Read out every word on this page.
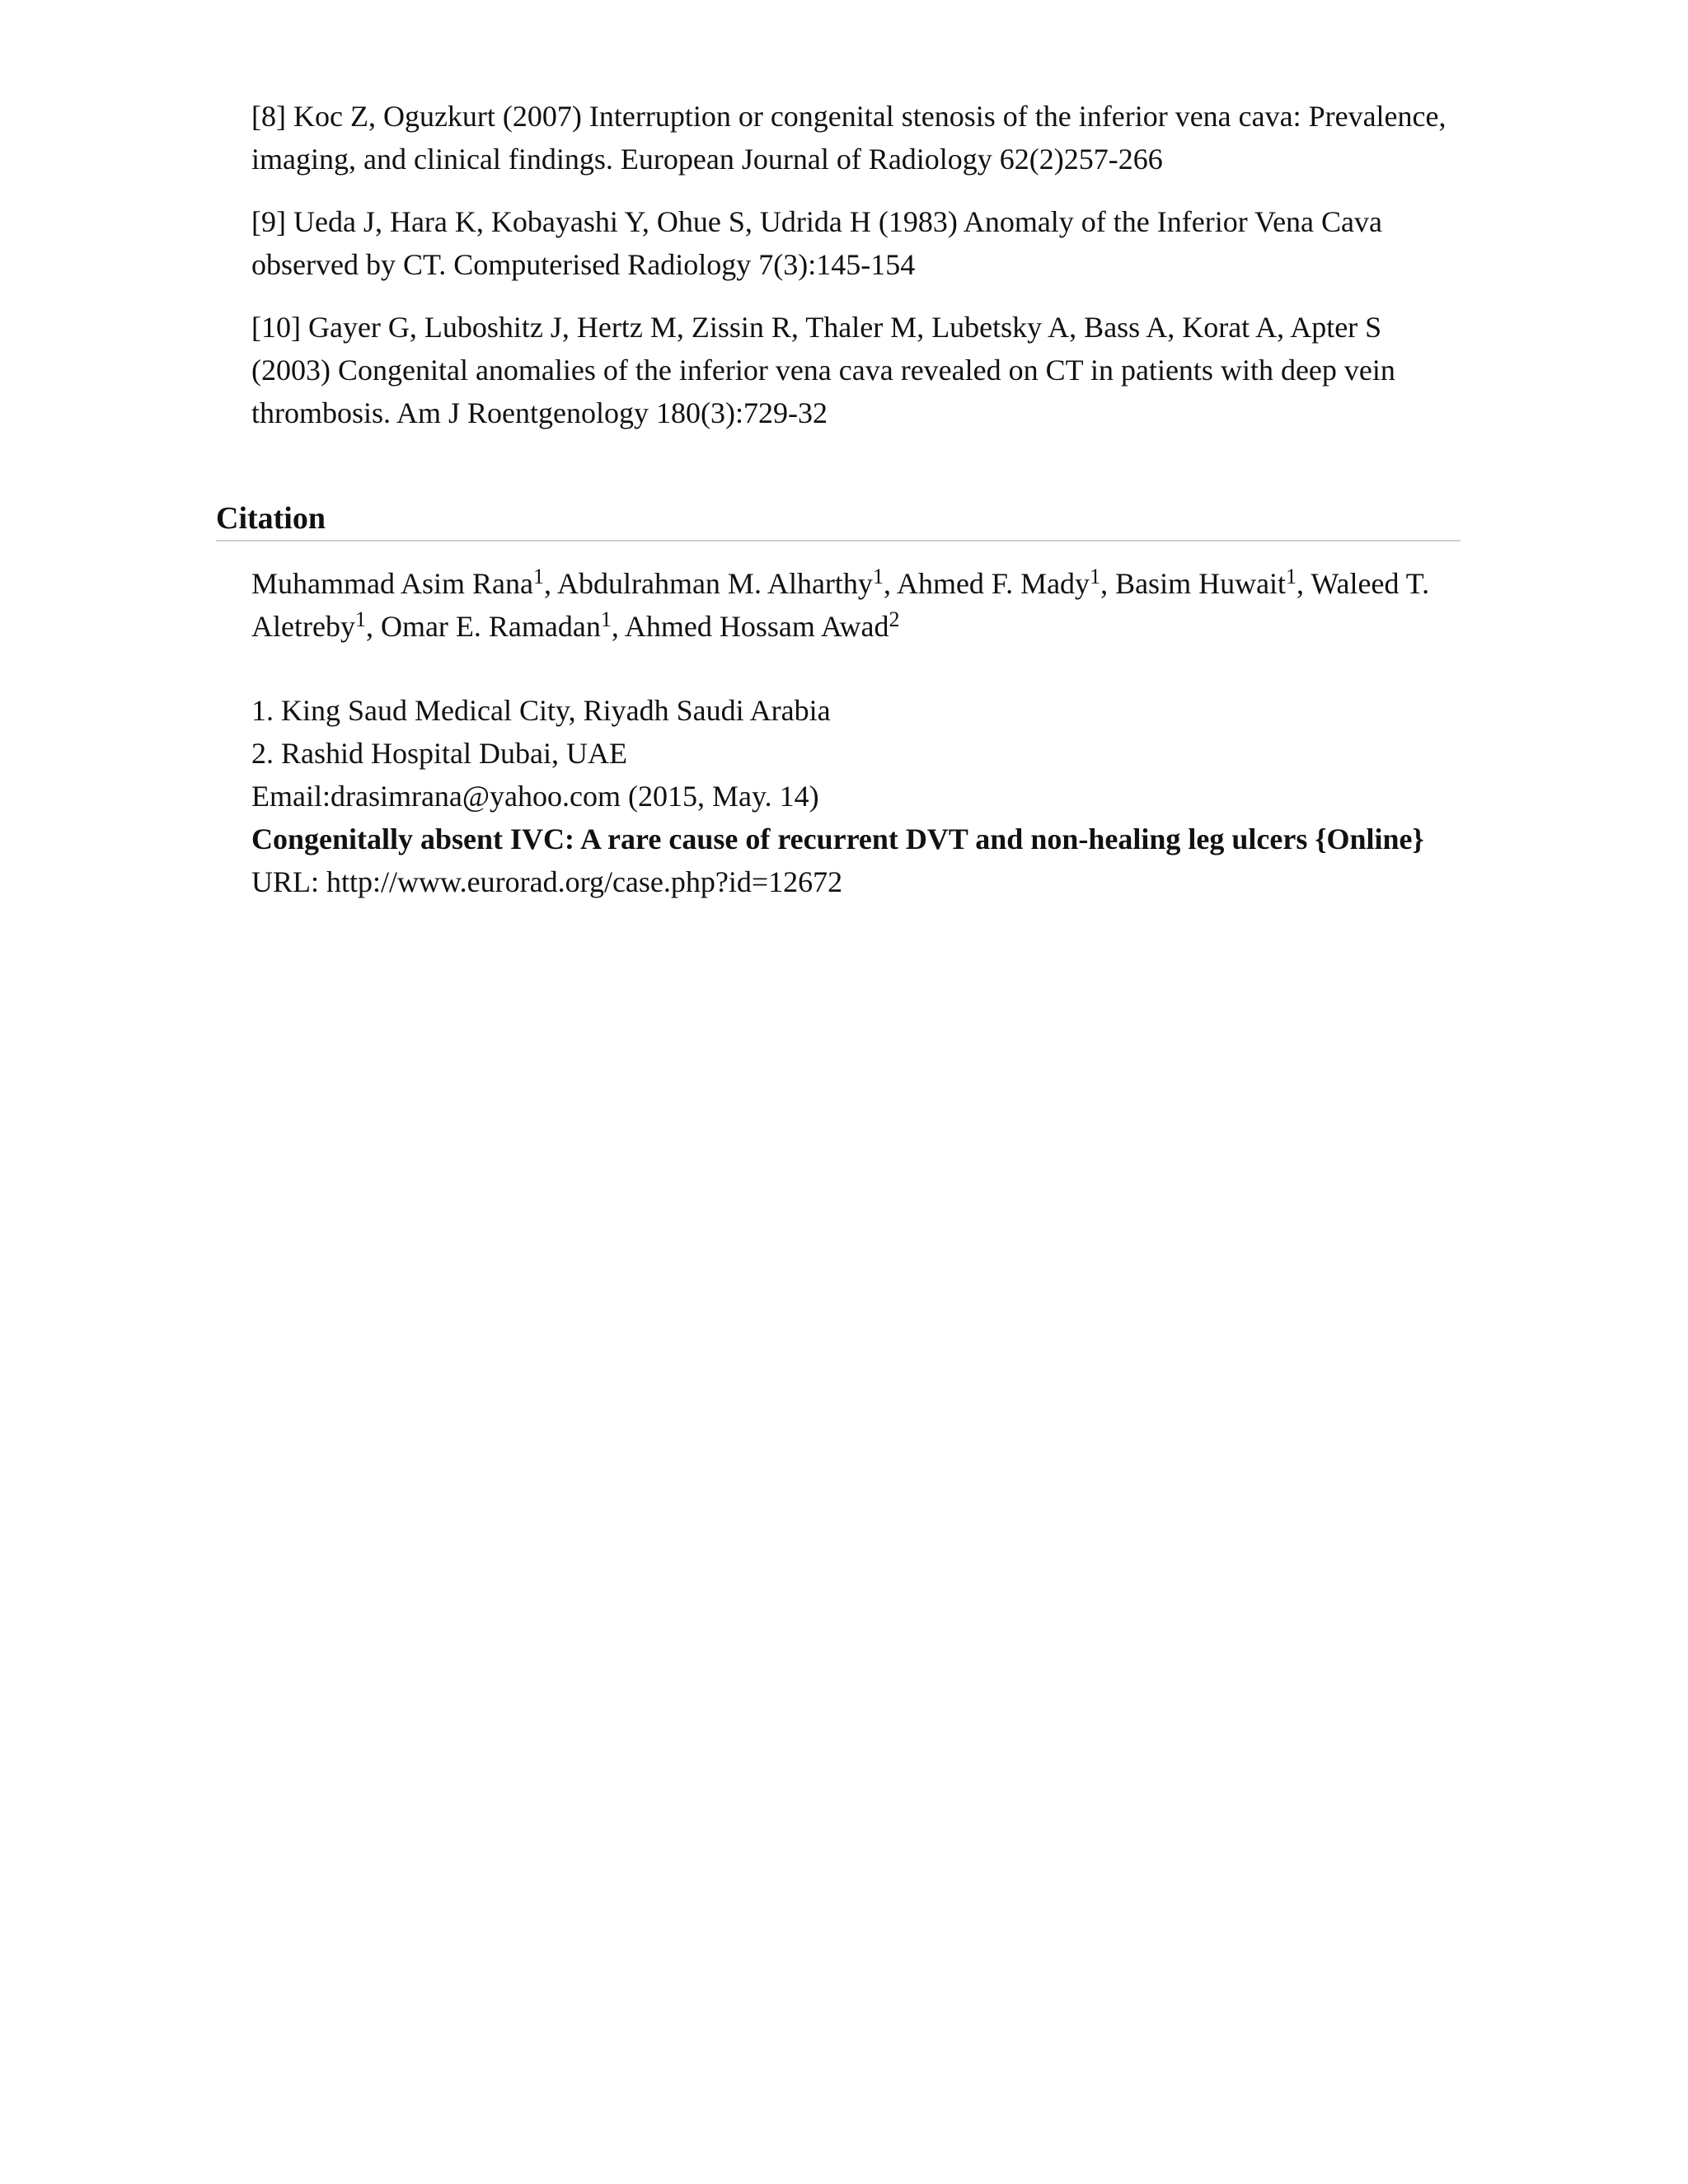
[8] Koc Z, Oguzkurt (2007) Interruption or congenital stenosis of the inferior vena cava: Prevalence, imaging, and clinical findings. European Journal of Radiology 62(2)257-266

[9] Ueda J, Hara K, Kobayashi Y, Ohue S, Udrida H (1983) Anomaly of the Inferior Vena Cava observed by CT. Computerised Radiology 7(3):145-154

[10] Gayer G, Luboshitz J, Hertz M, Zissin R, Thaler M, Lubetsky A, Bass A, Korat A, Apter S (2003) Congenital anomalies of the inferior vena cava revealed on CT in patients with deep vein thrombosis. Am J Roentgenology 180(3):729-32

Citation

Muhammad Asim Rana$^1$, Abdulrahman M. Alharthy$^1$, Ahmed F. Mady$^1$, Basim Huwait$^1$, Waleed T. Aletreby$^1$, Omar E. Ramadan$^1$, Ahmed Hossam Awad$^2$

1. King Saud Medical City, Riyadh Saudi Arabia
2. Rashid Hospital Dubai, UAE
Email:drasimrana@yahoo.com (2015, May. 14)
Congenitally absent IVC: A rare cause of recurrent DVT and non-healing leg ulcers {Online}
URL: http://www.eurorad.org/case.php?id=12672
